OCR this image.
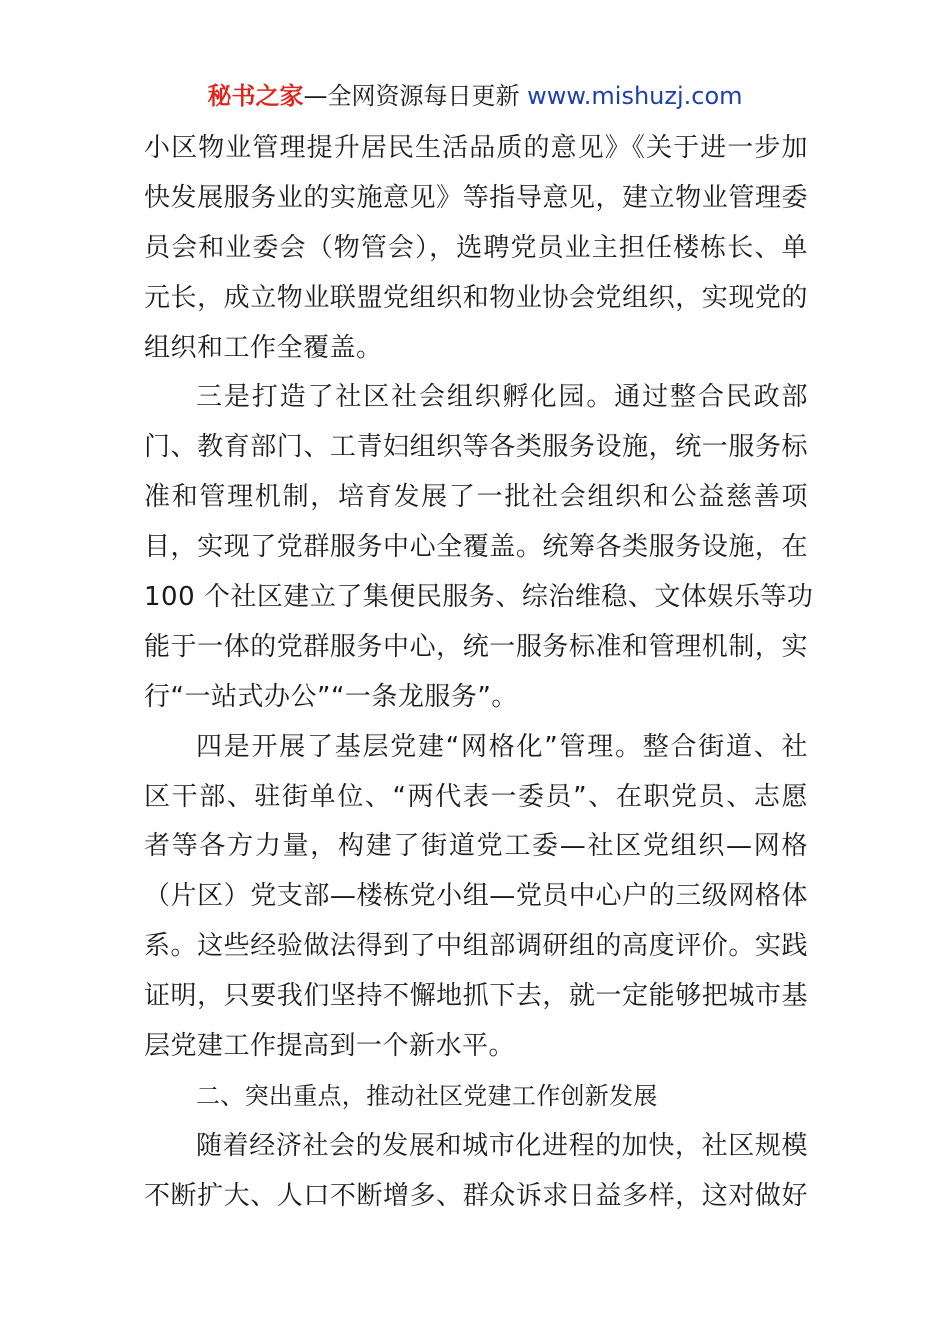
秘书之家—全网资源每日更新 www.mishuzj.com
小区物业管理提升居民生活品质的意见》《关于进一步加
快发展服务业的实施意见》等指导意见，建立物业管理委
员会和业委会（物管会），选聘党员业主担任楼栋长、单
元长，成立物业联盟党组织和物业协会党组织，实现党的
组织和工作全覆盖。
三是打造了社区社会组织孵化园。通过整合民政部
门、教育部门、工青妇组织等各类服务设施，统一服务标
准和管理机制，培育发展了一批社会组织和公益慈善项
目，实现了党群服务中心全覆盖。统筹各类服务设施，在
100 个社区建立了集便民服务、综治维稳、文体娱乐等功
能于一体的党群服务中心，统一服务标准和管理机制，实
行“一站式办公”“一条龙服务”。
四是开展了基层党建“网格化”管理。整合街道、社
区干部、驻街单位、“两代表一委员”、在职党员、志愿
者等各方力量，构建了街道党工委—社区党组织—网格
（片区）党支部—楼栋党小组—党员中心户的三级网格体
系。这些经验做法得到了中组部调研组的高度评价。实践
证明，只要我们坚持不懈地抓下去，就一定能够把城市基
层党建工作提高到一个新水平。
二、突出重点，推动社区党建工作创新发展
随着经济社会的发展和城市化进程的加快，社区规模
不断扩大、人口不断增多、群众诉求日益多样，这对做好
